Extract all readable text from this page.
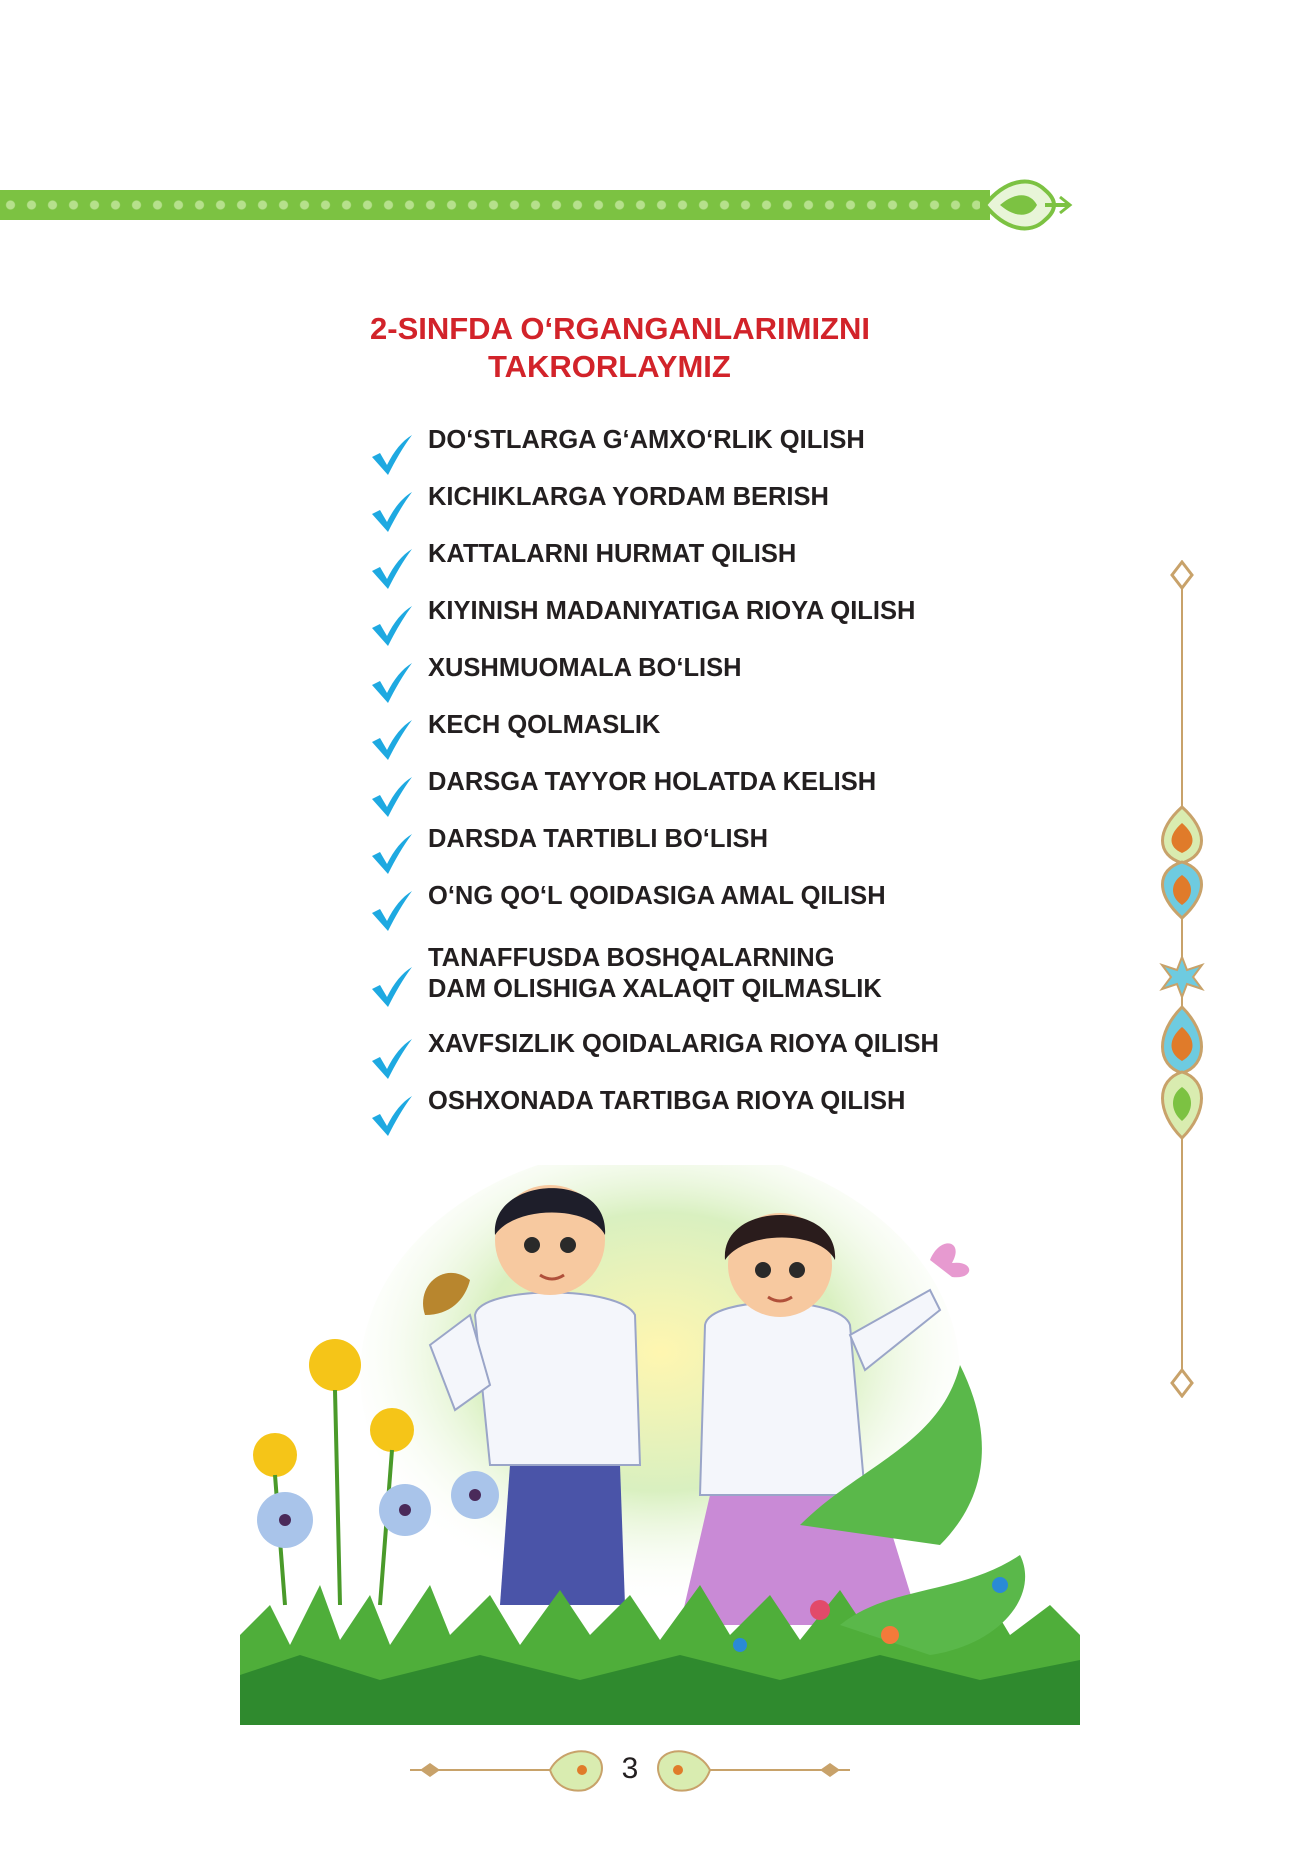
2-SINFDA O‘RGANGANLARIMIZNI
TAKRORLAYMIZ
DO‘STLARGA G‘AMXO‘RLIK QILISH
KICHIKLARGA YORDAM BERISH
KATTALARNI HURMAT QILISH
KIYINISH MADANIYATIGA RIOYA QILISH
XUSHMUOMALA BO‘LISH
KECH QOLMASLIK
DARSGA TAYYOR HOLATDA KELISH
DARSDA TARTIBLI BO‘LISH
O‘NG QO‘L QOIDASIGA AMAL QILISH
TANAFFUSDA BOSHQALARNING
DAM OLISHIGA XALAQIT QILMASLIK
XAVFSIZLIK QOIDALARIGA RIOYA QILISH
OSHXONADA TARTIBGA RIOYA QILISH
3
